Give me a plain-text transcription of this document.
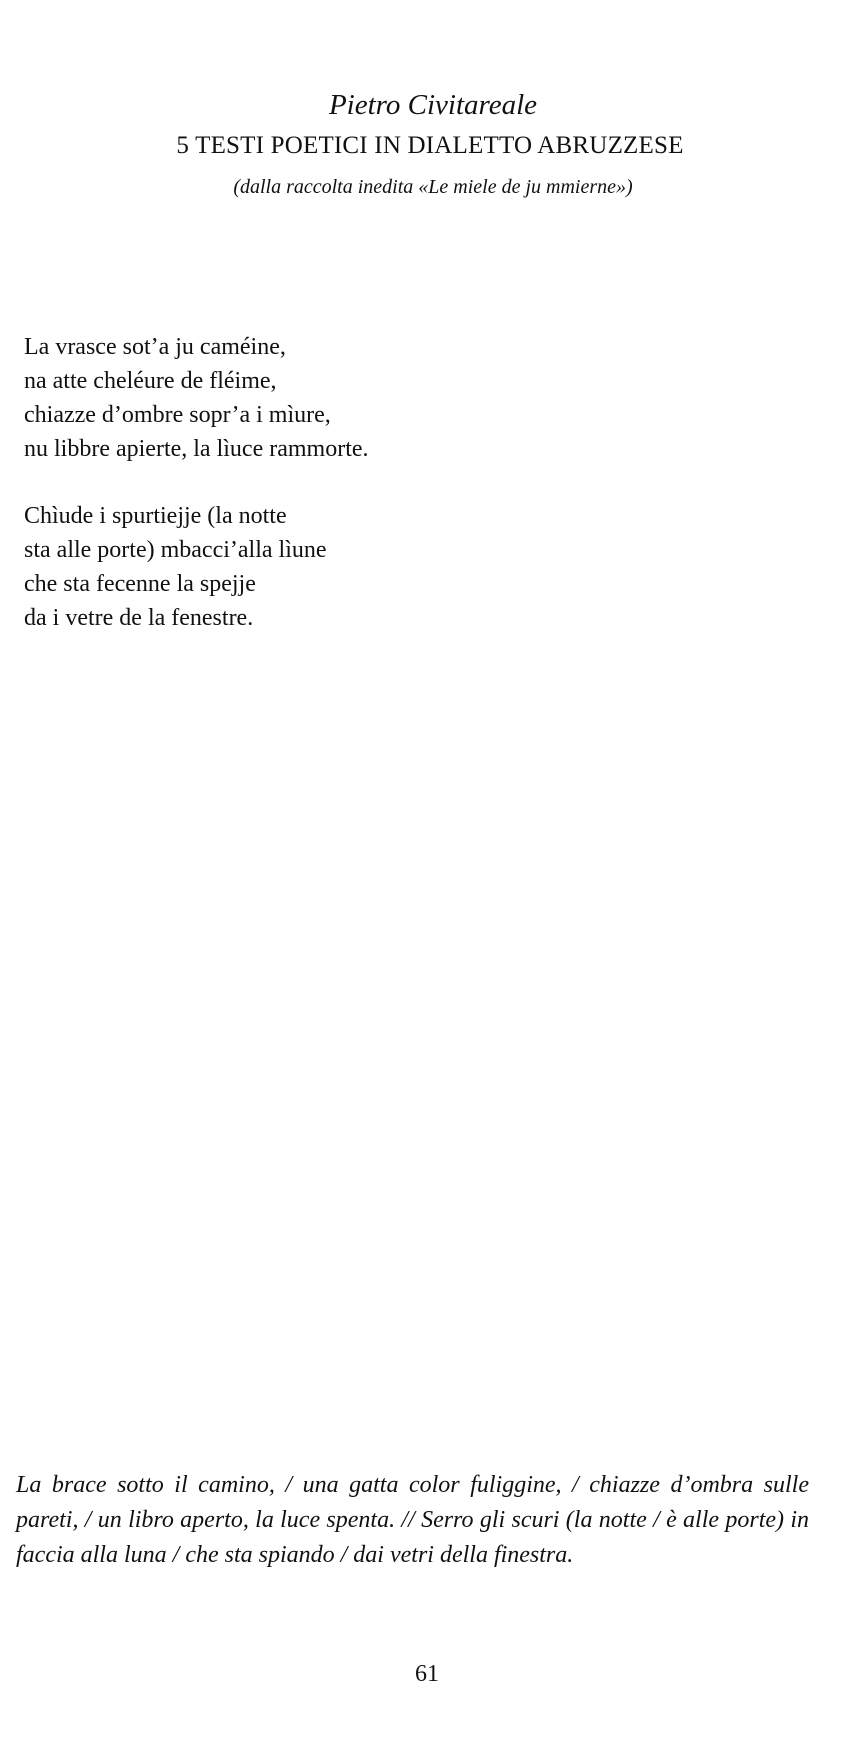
Pietro Civitareale
5 TESTI POETICI IN DIALETTO ABRUZZESE
(dalla raccolta inedita «Le miele de ju mmierne»)
La vrasce sot’a ju caméine,
na atte cheléure de fléime,
chiazze d’ombre sopr’a i mìure,
nu libbre apierte, la lìuce rammorte.
Chìude i spurtiejje (la notte
sta alle porte) mbacci’alla lìune
che sta fecenne la spejje
da i vetre de la fenestre.
La brace sotto il camino, / una gatta color fuliggine, / chiazze d’ombra sulle pareti, / un libro aperto, la luce spenta. // Serro gli scuri (la notte / è alle porte) in faccia alla luna / che sta spiando / dai vetri della finestra.
61
